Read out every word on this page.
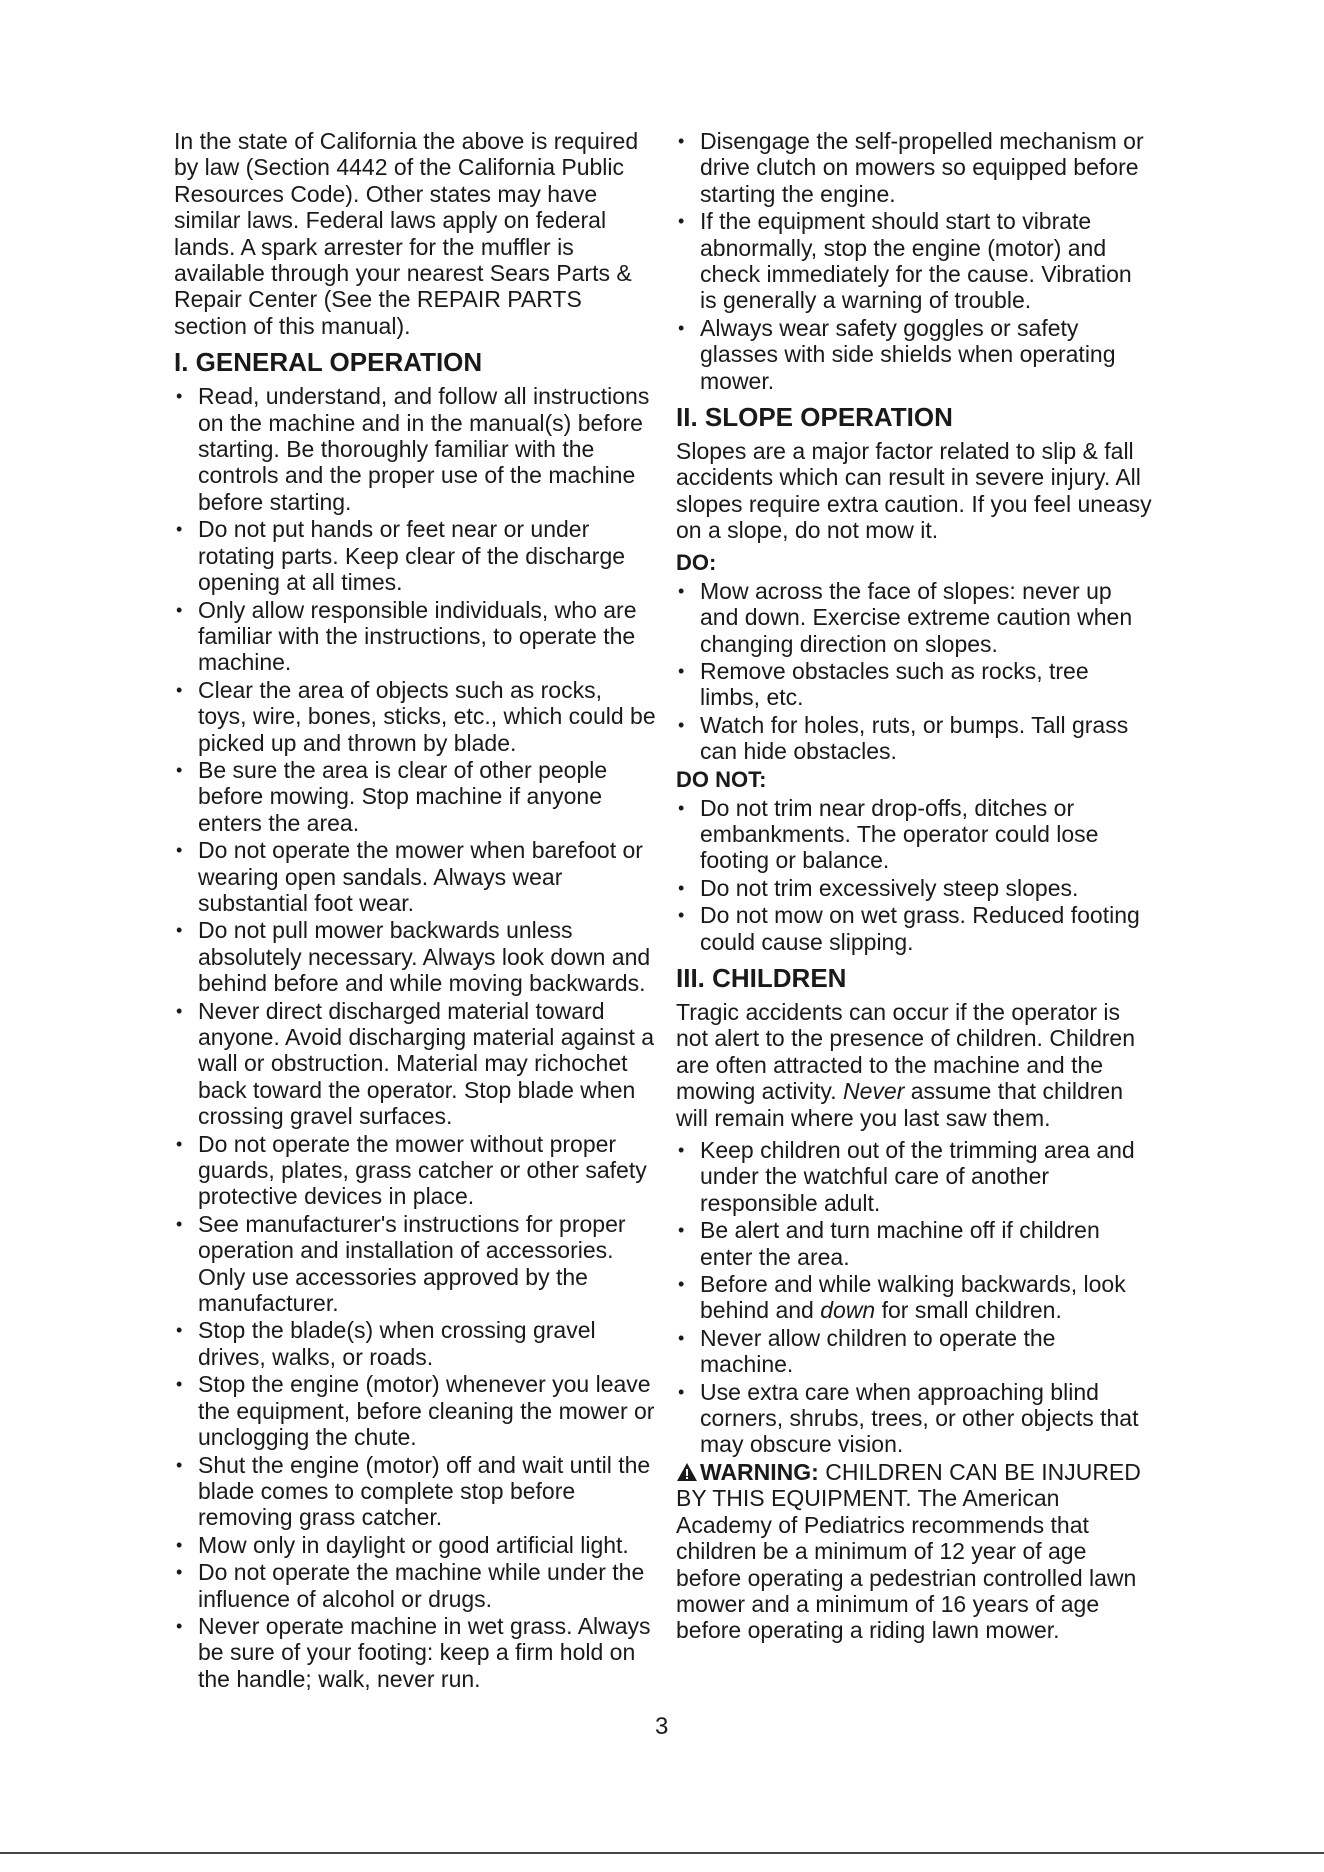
In the state of California the above is required by law (Section 4442 of the California Public Resources Code). Other states may have similar laws. Federal laws apply on federal lands. A spark arrester for the muffler is available through your nearest Sears Parts & Repair Center (See the REPAIR PARTS section of this manual).

I. GENERAL OPERATION
• Read, understand, and follow all instructions on the machine and in the manual(s) before starting. Be thoroughly familiar with the controls and the proper use of the machine before starting.
• Do not put hands or feet near or under rotating parts. Keep clear of the discharge opening at all times.
• Only allow responsible individuals, who are familiar with the instructions, to operate the machine.
• Clear the area of objects such as rocks, toys, wire, bones, sticks, etc., which could be picked up and thrown by blade.
• Be sure the area is clear of other people before mowing. Stop machine if anyone enters the area.
• Do not operate the mower when barefoot or wearing open sandals. Always wear substantial foot wear.
• Do not pull mower backwards unless absolutely necessary. Always look down and behind before and while moving backwards.
• Never direct discharged material toward anyone. Avoid discharging material against a wall or obstruction. Material may richochet back toward the operator. Stop blade when crossing gravel surfaces.
• Do not operate the mower without proper guards, plates, grass catcher or other safety protective devices in place.
• See manufacturer's instructions for proper operation and installation of accessories. Only use accessories approved by the manufacturer.
• Stop the blade(s) when crossing gravel drives, walks, or roads.
• Stop the engine (motor) whenever you leave the equipment, before cleaning the mower or unclogging the chute.
• Shut the engine (motor) off and wait until the blade comes to complete stop before removing grass catcher.
• Mow only in daylight or good artificial light.
• Do not operate the machine while under the influence of alcohol or drugs.
• Never operate machine in wet grass. Always be sure of your footing: keep a firm hold on the handle; walk, never run.
• Disengage the self-propelled mechanism or drive clutch on mowers so equipped before starting the engine.
• If the equipment should start to vibrate abnormally, stop the engine (motor) and check immediately for the cause. Vibration is generally a warning of trouble.
• Always wear safety goggles or safety glasses with side shields when operating mower.
II. SLOPE OPERATION

Slopes are a major factor related to slip & fall accidents which can result in severe injury. All slopes require extra caution. If you feel uneasy on a slope, do not mow it.

DO:
• Mow across the face of slopes: never up and down. Exercise extreme caution when changing direction on slopes.
• Remove obstacles such as rocks, tree limbs, etc.
• Watch for holes, ruts, or bumps. Tall grass can hide obstacles.
DO NOT:
• Do not trim near drop-offs, ditches or embankments. The operator could lose footing or balance.
• Do not trim excessively steep slopes.
• Do not mow on wet grass. Reduced footing could cause slipping.
III. CHILDREN

Tragic accidents can occur if the operator is not alert to the presence of children. Children are often attracted to the machine and the mowing activity. Never assume that children will remain where you last saw them.

• Keep children out of the trimming area and under the watchful care of another responsible adult.
• Be alert and turn machine off if children enter the area.
• Before and while walking backwards, look behind and down for small children.
• Never allow children to operate the machine.
• Use extra care when approaching blind corners, shrubs, trees, or other objects that may obscure vision.

WARNING: CHILDREN CAN BE INJURED BY THIS EQUIPMENT. The American Academy of Pediatrics recommends that children be a minimum of 12 year of age before operating a pedestrian controlled lawn mower and a minimum of 16 years of age before operating a riding lawn mower.

3
